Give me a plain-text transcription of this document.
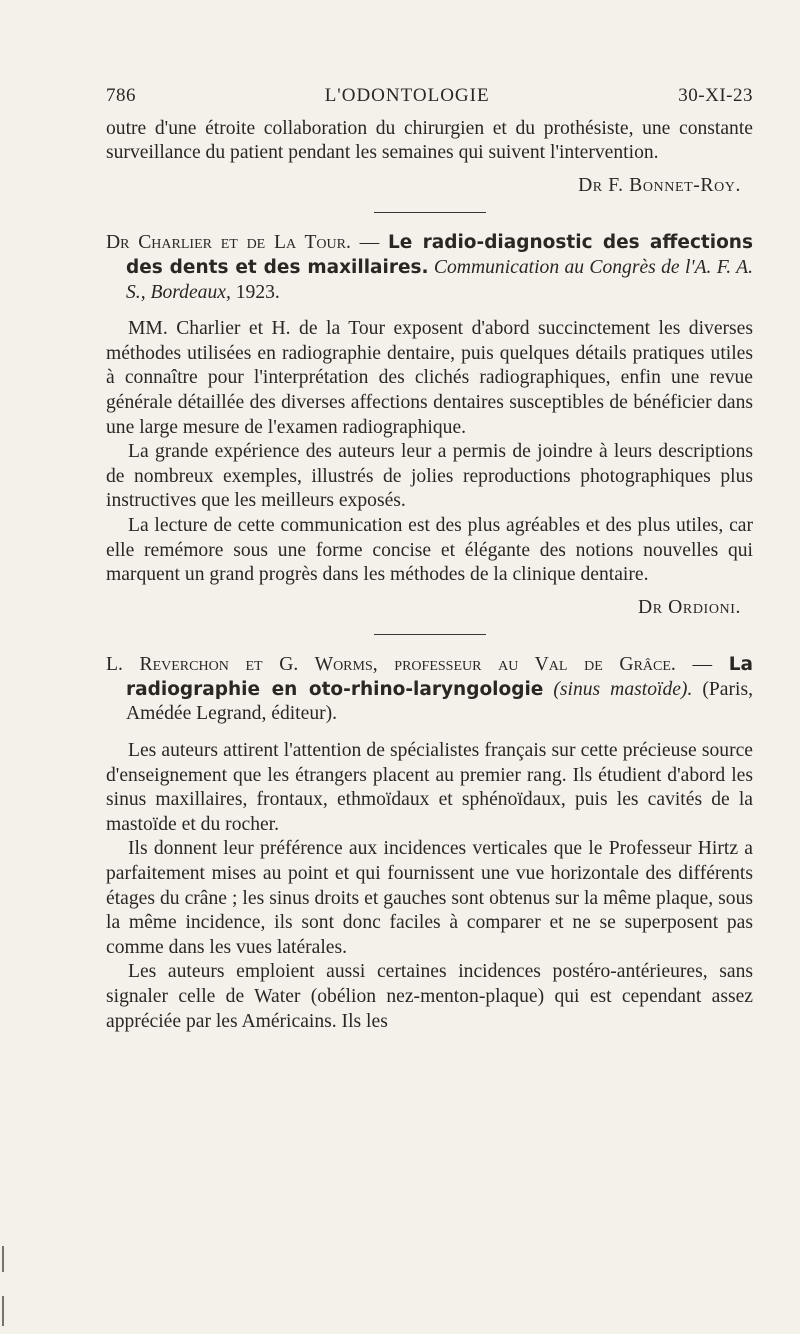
786	L'ODONTOLOGIE	30-XI-23

outre d'une étroite collaboration du chirurgien et du prothésiste, une constante surveillance du patient pendant les semaines qui suivent l'intervention.

Dr F. Bonnet-Roy.

Dr Charlier et de La Tour. — Le radio-diagnostic des affections des dents et des maxillaires. Communication au Congrès de l'A. F. A. S., Bordeaux, 1923.

MM. Charlier et H. de la Tour exposent d'abord succinctement les diverses méthodes utilisées en radiographie dentaire, puis quelques détails pratiques utiles à connaître pour l'interprétation des clichés radiographiques, enfin une revue générale détaillée des diverses affections dentaires susceptibles de bénéficier dans une large mesure de l'examen radiographique.

La grande expérience des auteurs leur a permis de joindre à leurs descriptions de nombreux exemples, illustrés de jolies reproductions photographiques plus instructives que les meilleurs exposés.

La lecture de cette communication est des plus agréables et des plus utiles, car elle remémore sous une forme concise et élégante des notions nouvelles qui marquent un grand progrès dans les méthodes de la clinique dentaire.

Dr Ordioni.

L. Reverchon et G. Worms, professeur au Val de Grâce. — La radiographie en oto-rhino-laryngologie (sinus mastoïde). (Paris, Amédée Legrand, éditeur).

Les auteurs attirent l'attention de spécialistes français sur cette précieuse source d'enseignement que les étrangers placent au premier rang. Ils étudient d'abord les sinus maxillaires, frontaux, ethmoïdaux et sphénoïdaux, puis les cavités de la mastoïde et du rocher.

Ils donnent leur préférence aux incidences verticales que le Professeur Hirtz a parfaitement mises au point et qui fournissent une vue horizontale des différents étages du crâne ; les sinus droits et gauches sont obtenus sur la même plaque, sous la même incidence, ils sont donc faciles à comparer et ne se superposent pas comme dans les vues latérales.

Les auteurs emploient aussi certaines incidences postéro-antérieures, sans signaler celle de Water (obélion nez-menton-plaque) qui est cependant assez appréciée par les Américains. Ils les
